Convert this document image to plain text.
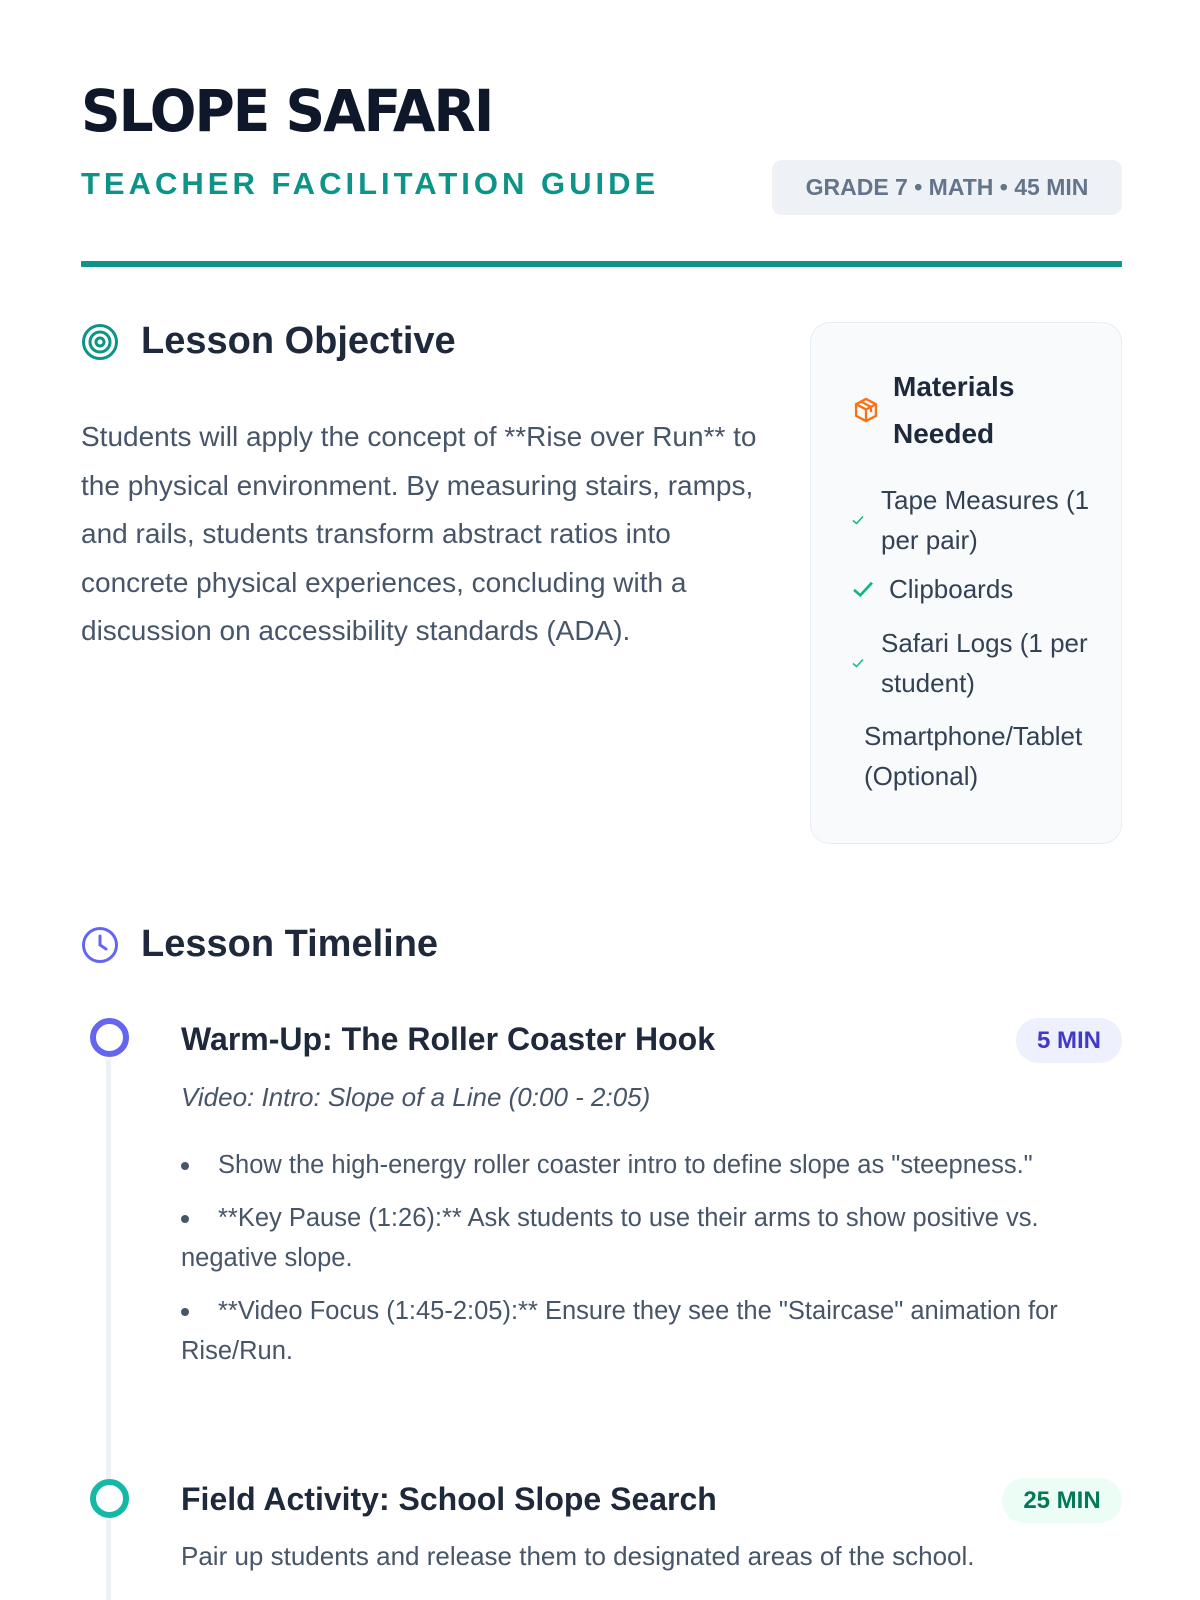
SLOPE SAFARI
TEACHER FACILITATION GUIDE	GRADE 7 • MATH • 45 MIN
Lesson Objective

Students will apply the concept of **Rise over Run** to the physical environment. By measuring stairs, ramps, and rails, students transform abstract ratios into concrete physical experiences, concluding with a discussion on accessibility standards (ADA).

Materials Needed
Tape Measures (1 per pair)
Clipboards
Safari Logs (1 per student)
Smartphone/Tablet (Optional)
Lesson Timeline
Warm-Up: The Roller Coaster Hook	5 MIN
Video: Intro: Slope of a Line (0:00 - 2:05)
Show the high-energy roller coaster intro to define slope as "steepness."
**Key Pause (1:26):** Ask students to use their arms to show positive vs. negative slope.
**Video Focus (1:45-2:05):** Ensure they see the "Staircase" animation for Rise/Run.
Field Activity: School Slope Search	25 MIN
Pair up students and release them to designated areas of the school.
